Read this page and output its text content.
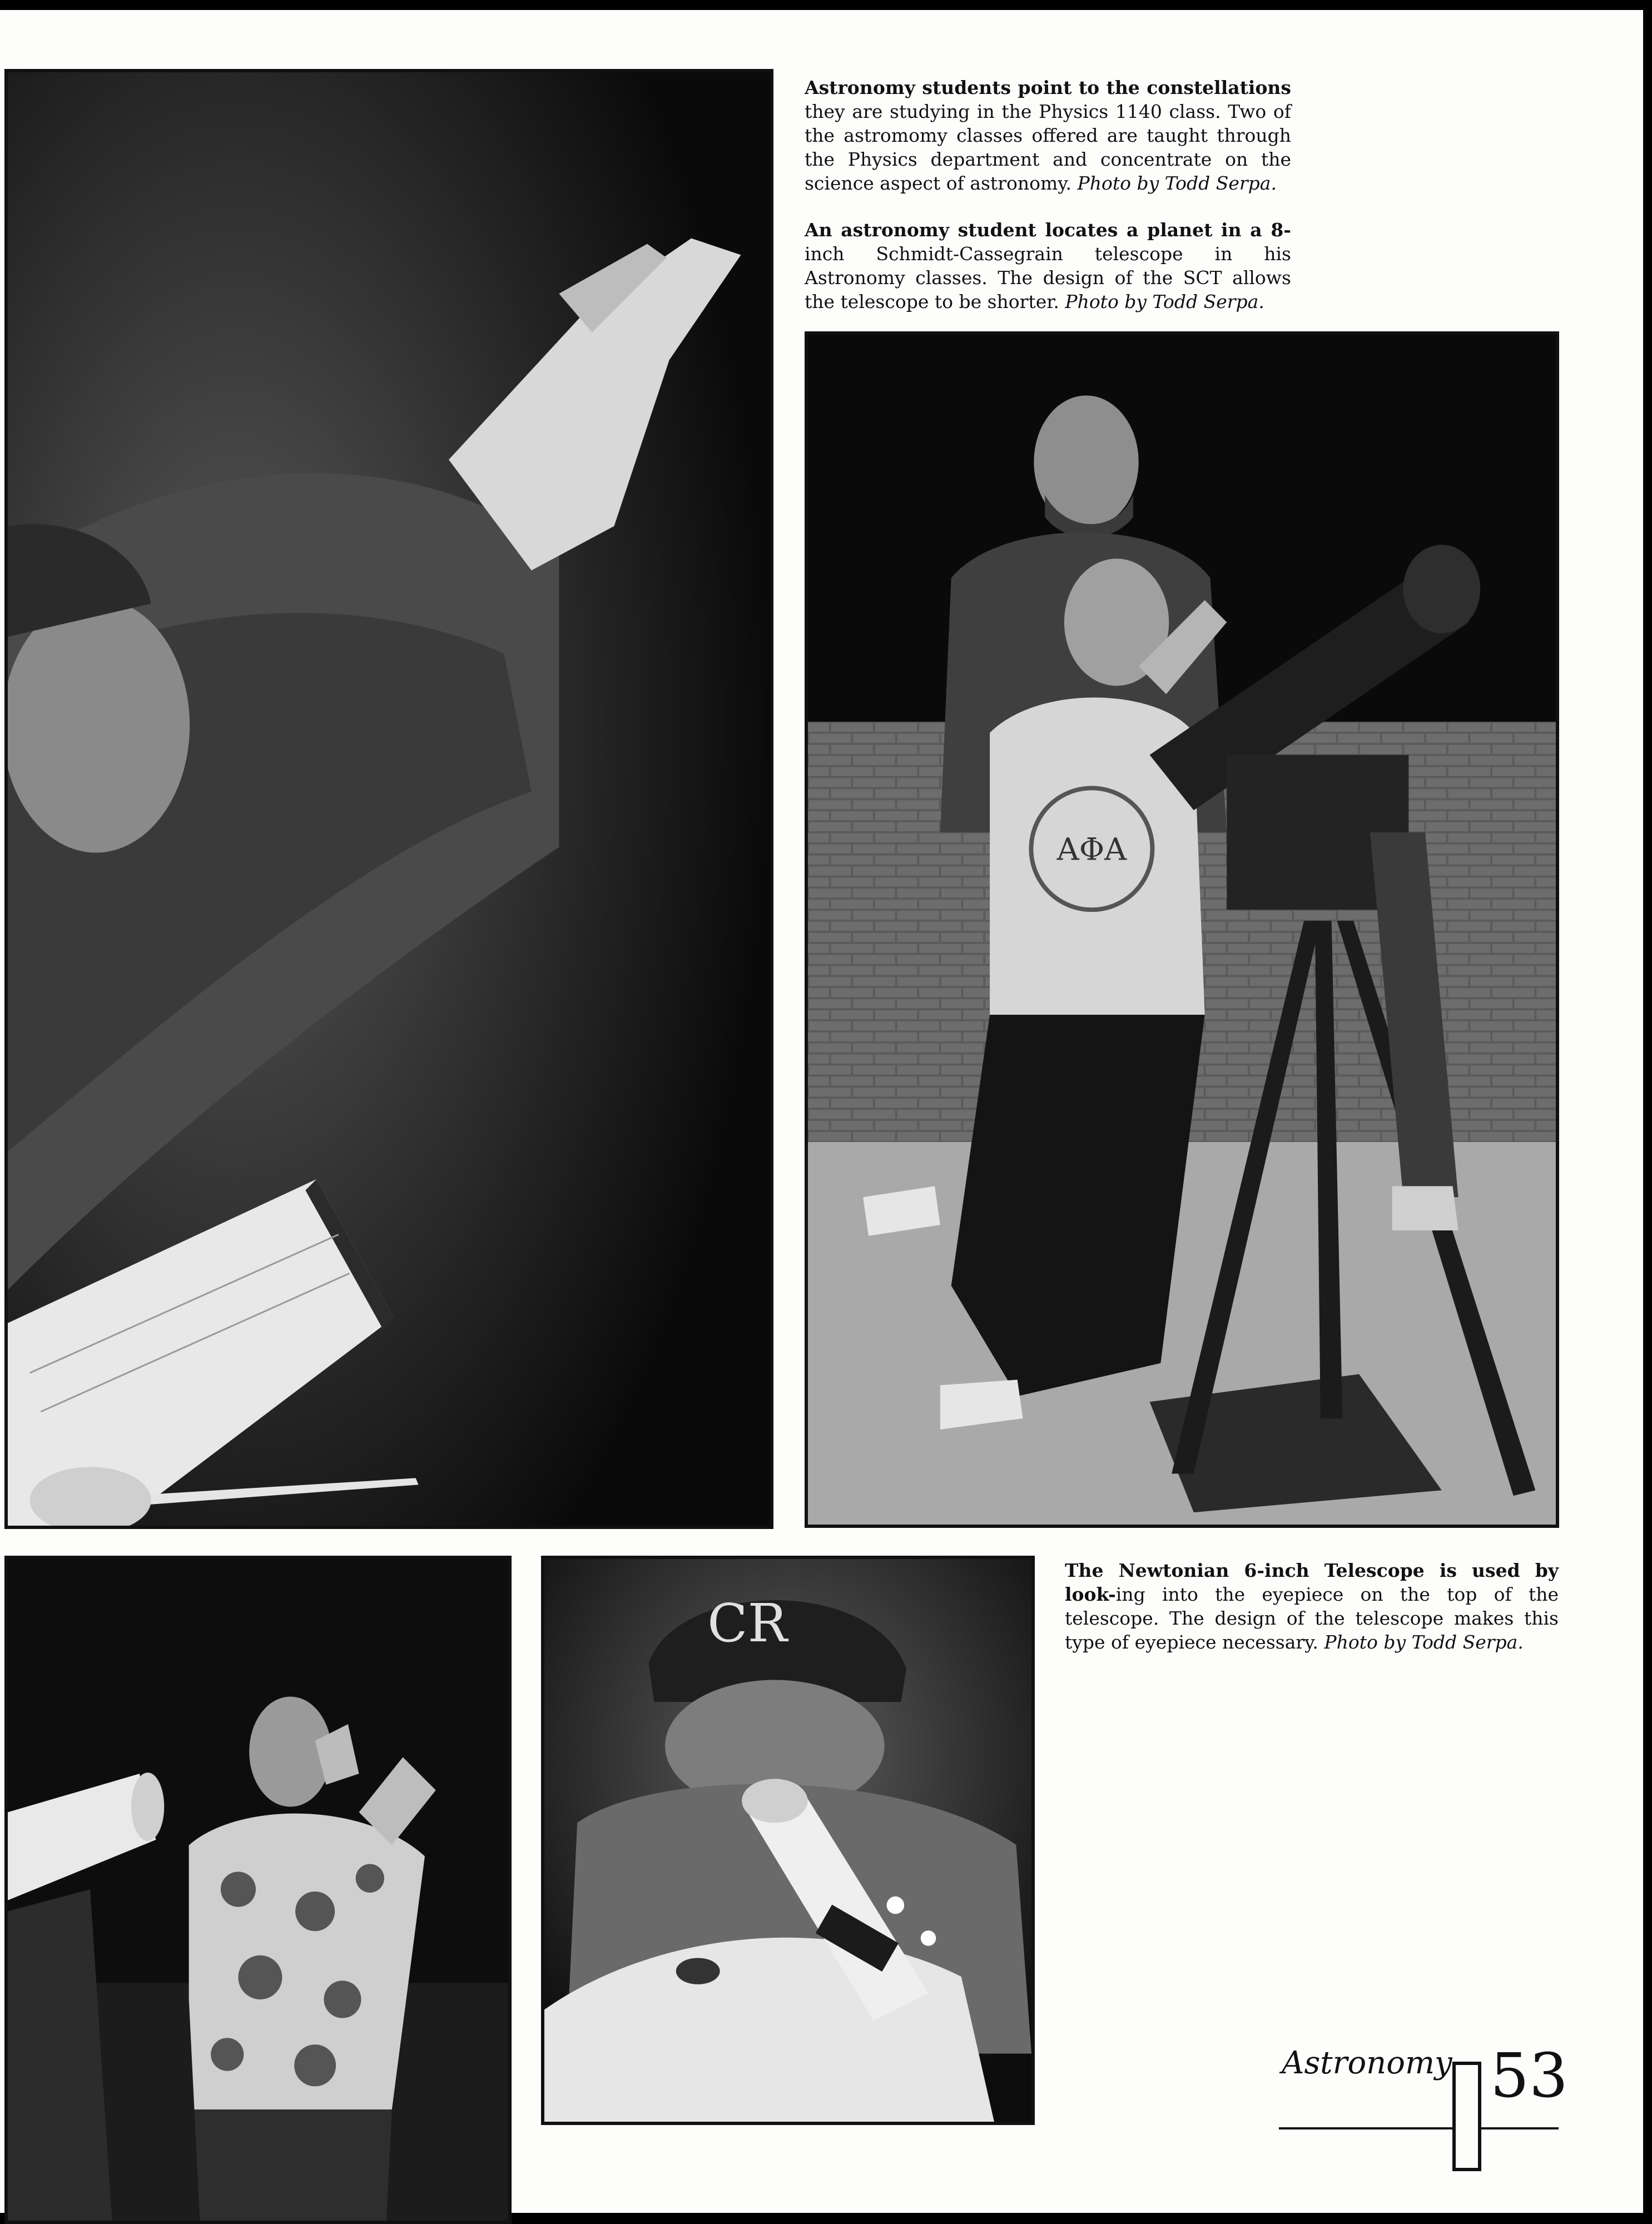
Astronomy students point to the constellations they are studying in the Physics 1140 class. Two of the astromomy classes offered are taught through the Physics department and concentrate on the science aspect of astronomy. Photo by Todd Serpa.

An astronomy student locates a planet in a 8- inch Schmidt-Cassegrain telescope in his Astronomy classes. The design of the SCT allows the telescope to be shorter. Photo by Todd Serpa.

ΑΦΑ
CR

The Newtonian 6-inch Telescope is used by look-ing into the eyepiece on the top of the telescope. The design of the telescope makes this type of eyepiece necessary. Photo by Todd Serpa.

Astronomy 53
